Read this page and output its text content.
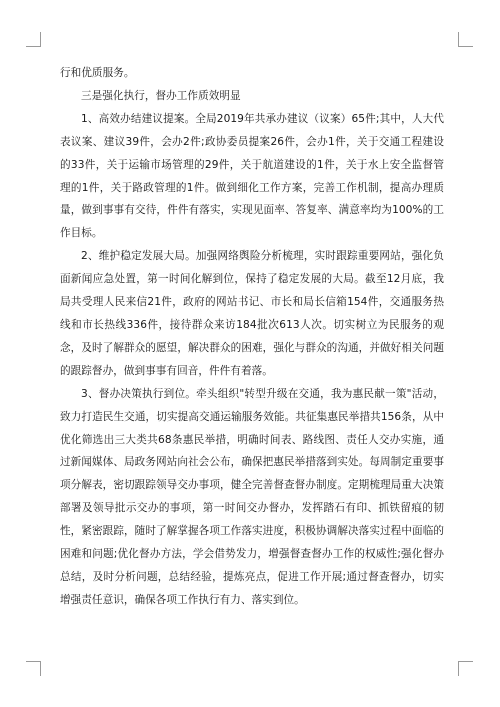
行和优质服务。

三是强化执行，督办工作质效明显

1、高效办结建议提案。全局2019年共承办建议（议案）65件;其中，人大代表议案、建议39件，会办2件;政协委员提案26件，会办1件，关于交通工程建设的33件，关于运输市场管理的29件，关于航道建设的1件，关于水上安全监督管理的1件，关于路政管理的1件。做到细化工作方案，完善工作机制，提高办理质量，做到事事有交待，件件有落实，实现见面率、答复率、满意率均为100%的工作目标。

2、维护稳定发展大局。加强网络舆险分析梳理，实时跟踪重要网站，强化负面新闻应急处置，第一时间化解到位，保持了稳定发展的大局。截至12月底，我局共受理人民来信21件，政府的网站书记、市长和局长信箱154件，交通服务热线和市长热线336件，接待群众来访184批次613人次。切实树立为民服务的观念，及时了解群众的愿望，解决群众的困难，强化与群众的沟通，并做好相关问题的跟踪督办，做到事事有回音，件件有着落。

3、督办决策执行到位。牵头组织"转型升级在交通，我为惠民献一策"活动，致力打造民生交通，切实提高交通运输服务效能。共征集惠民举措共156条，从中优化筛选出三大类共68条惠民举措，明确时间表、路线图、责任人交办实施，通过新闻媒体、局政务网站向社会公布，确保把惠民举措落到实处。每周制定重要事项分解表，密切跟踪领导交办事项，健全完善督查督办制度。定期梳理局重大决策部署及领导批示交办的事项，第一时间交办督办，发挥踏石有印、抓铁留痕的韧性，紧密跟踪，随时了解掌握各项工作落实进度，积极协调解决落实过程中面临的困难和问题;优化督办方法，学会借势发力，增强督查督办工作的权威性;强化督办总结，及时分析问题，总结经验，提炼亮点，促进工作开展;通过督查督办，切实增强责任意识，确保各项工作执行有力、落实到位。
